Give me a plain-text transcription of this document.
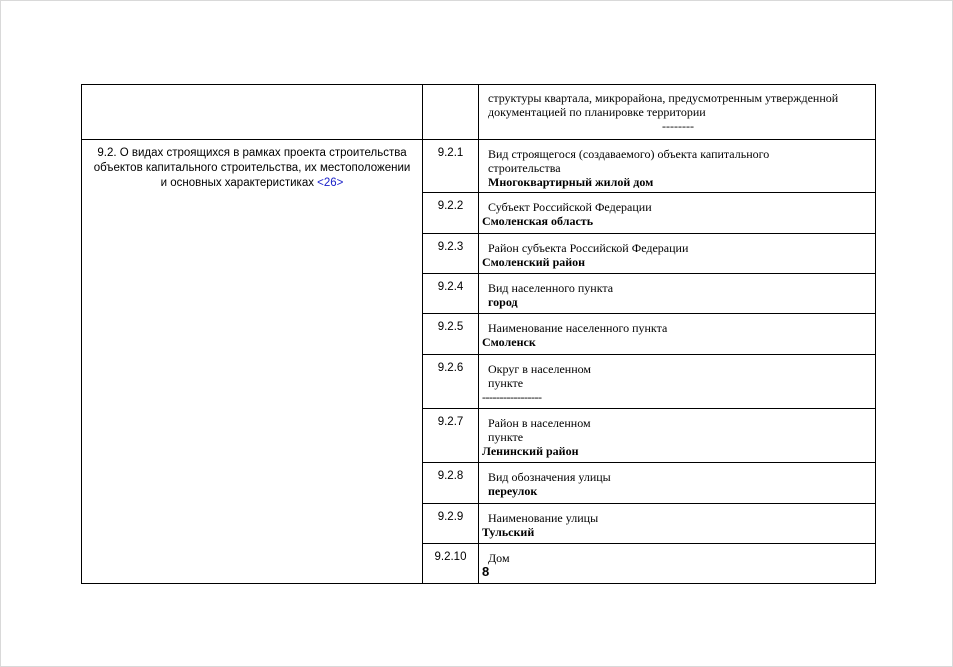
		структуры квартала, микрорайона, предусмотренным утвержденной
документацией по планировке территории
--------

9.2. О видах строящихся в рамках проекта строительства объектов капитального строительства, их местоположении и основных характеристиках <26>	9.2.1	Вид строящегося (создаваемого) объекта капитального
строительства
Многоквартирный жилой дом

	9.2.2	Субъект Российской Федерации
Смоленская область

	9.2.3	Район субъекта Российской Федерации
Смоленский район

	9.2.4	Вид населенного пункта
город

	9.2.5	Наименование населенного пункта
Смоленск

	9.2.6	Округ в населенном
пункте
-----------------

	9.2.7	Район в населенном
пункте
Ленинский район

	9.2.8	Вид обозначения улицы
переулок

	9.2.9	Наименование улицы
Тульский

	9.2.10	Дом
8
